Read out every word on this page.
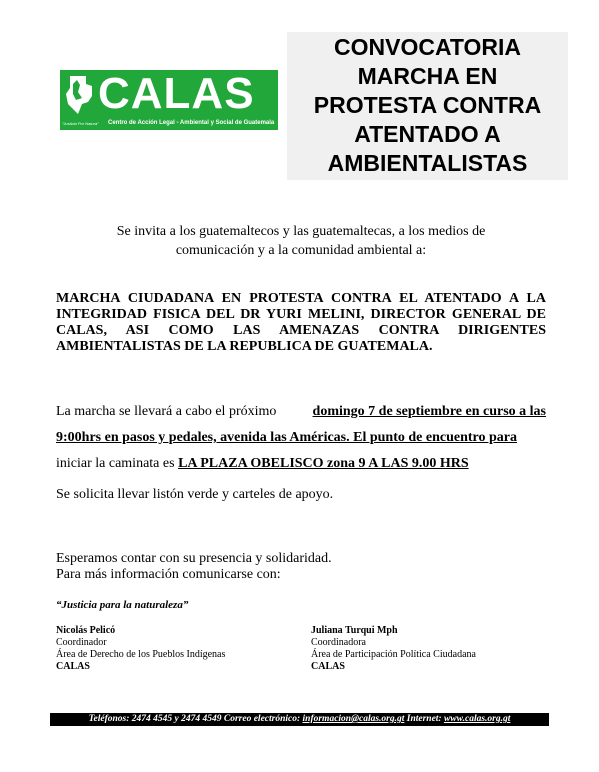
CALAS
"Justicia Por Natura" Centro de Acción Legal - Ambiental y Social de Guatemala
CONVOCATORIA
MARCHA EN
PROTESTA CONTRA
ATENTADO A
AMBIENTALISTAS
Se invita a los guatemaltecos y las guatemaltecas, a los medios de
comunicación y a la comunidad ambiental a:
MARCHA CIUDADANA EN PROTESTA CONTRA EL ATENTADO A LA
INTEGRIDAD FISICA DEL DR YURI MELINI, DIRECTOR GENERAL DE
CALAS, ASI COMO LAS AMENAZAS CONTRA DIRIGENTES
AMBIENTALISTAS DE LA REPUBLICA DE GUATEMALA.
La marcha se llevará a cabo el próximo	domingo 7 de septiembre en curso a las
9:00hrs en pasos y pedales, avenida las Américas. El punto de encuentro para
iniciar la caminata es LA PLAZA OBELISCO zona 9 A LAS 9.00 HRS
Se solicita llevar listón verde y carteles de apoyo.
Esperamos contar con su presencia y solidaridad.
Para más información comunicarse con:
“Justicia para la naturaleza”
Nicolás Pelicó
Coordinador
Área de Derecho de los Pueblos Indígenas
CALAS
Juliana Turqui Mph
Coordinadora
Área de Participación Política Ciudadana
CALAS
Teléfonos: 2474 4545 y 2474 4549 Correo electrónico: informacion@calas.org.gt Internet: www.calas.org.gt
